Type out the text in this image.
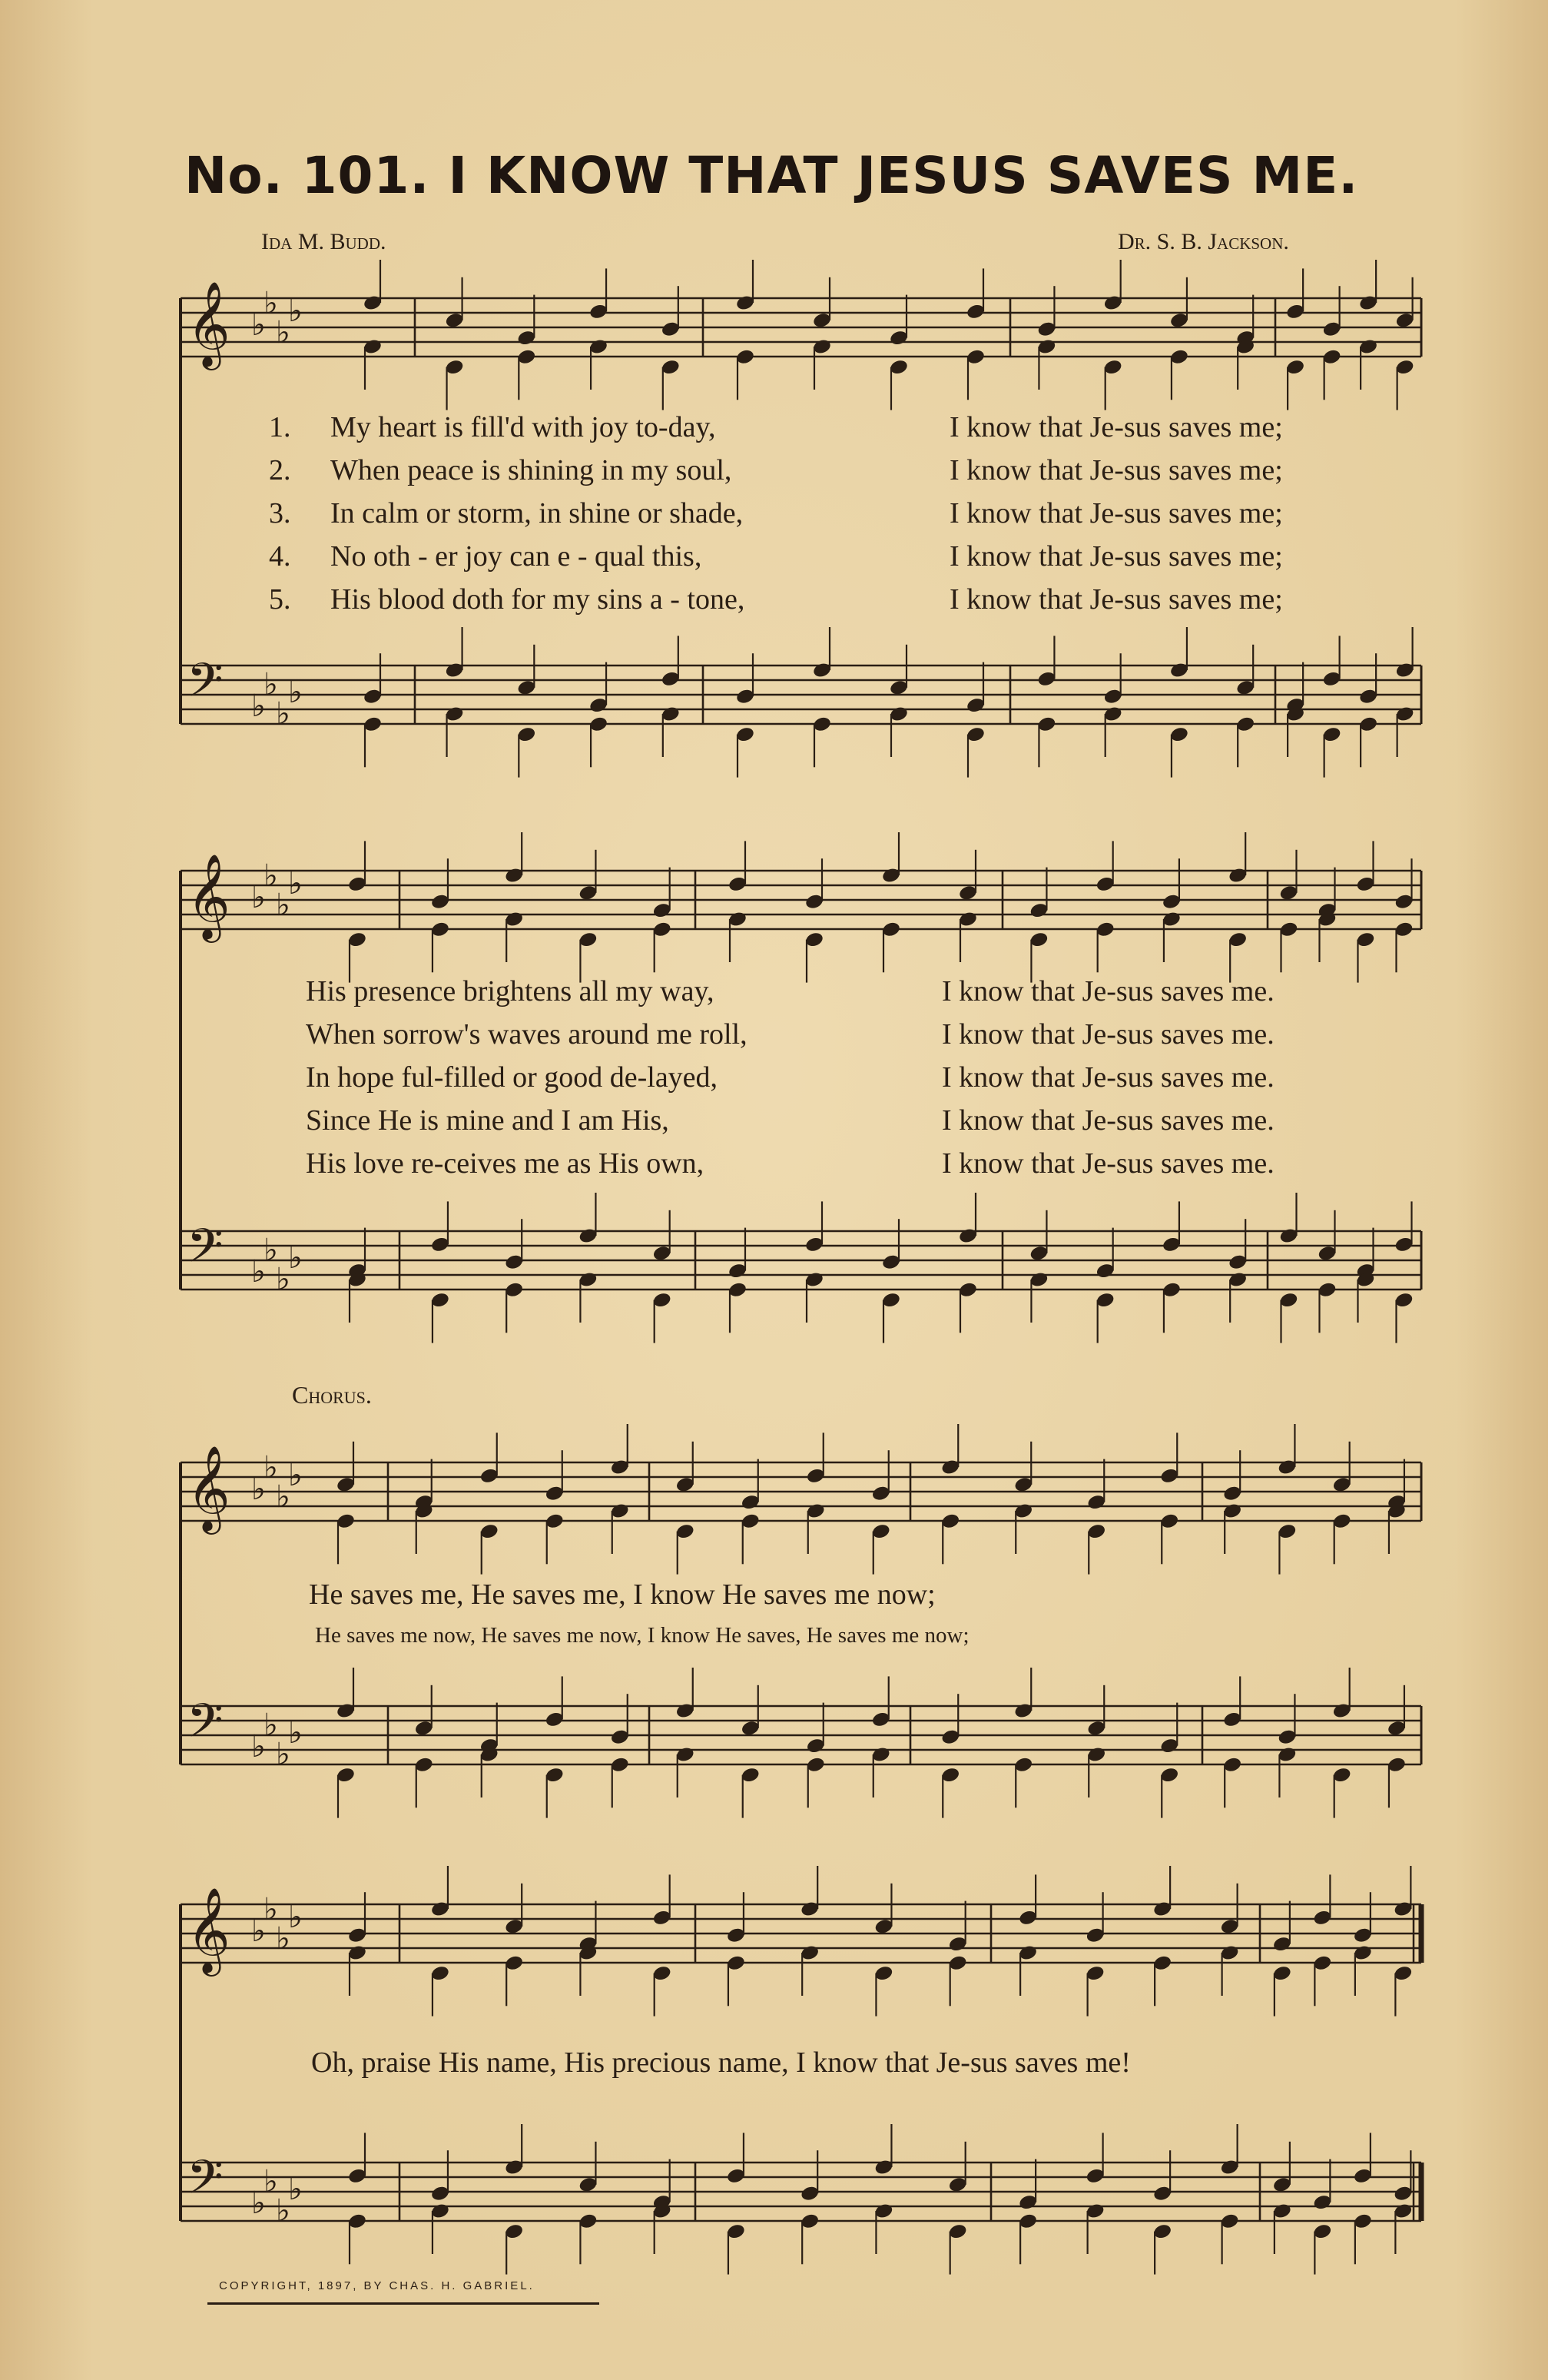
No. 101. I KNOW THAT JESUS SAVES ME.
Ida M. Budd.	Dr. S. B. Jackson.
𝄞 ♭
♭
♭
♭
𝄢 ♭
♭
♭
♭
𝄞 ♭
♭
♭
♭
𝄢 ♭
♭
♭
♭
𝄞 ♭
♭
♭
♭
𝄢 ♭
♭
♭
♭
𝄞 ♭
♭
♭
♭
𝄢 ♭
♭
♭
♭
1. My heart is fill'd with joy to-day,	I know that Je-sus saves me;
2. When peace is shining in my soul,	I know that Je-sus saves me;
3. In calm or storm, in shine or shade,	I know that Je-sus saves me;
4. No oth - er joy can e - qual this,	I know that Je-sus saves me;
5. His blood doth for my sins a - tone,	I know that Je-sus saves me;
His presence brightens all my way,	I know that Je-sus saves me.
When sorrow's waves around me roll,	I know that Je-sus saves me.
In hope ful-filled or good de-layed,	I know that Je-sus saves me.
Since He is mine and I am His,	I know that Je-sus saves me.
His love re-ceives me as His own,	I know that Je-sus saves me.
Chorus.
He saves me, He saves me, I know He saves me now;
He saves me now, He saves me now, I know He saves, He saves me now;
Oh, praise His name, His precious name, I know that Je-sus saves me!
COPYRIGHT, 1897, BY CHAS. H. GABRIEL.
